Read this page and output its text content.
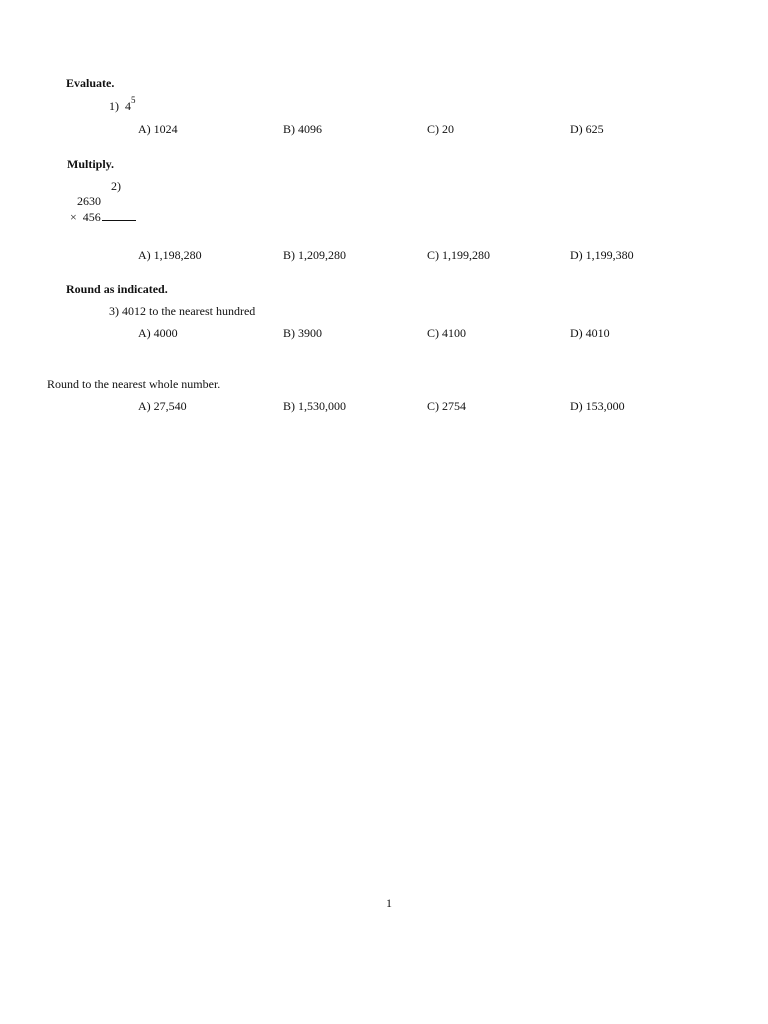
Evaluate.
1) $4^5$
A) 1024	B) 4096	C) 20	D) 625
Multiply.
2)
2630
× 456
A) 1,198,280	B) 1,209,280	C) 1,199,280	D) 1,199,380
Round as indicated.
3) 4012 to the nearest hundred
A) 4000	B) 3900	C) 4100	D) 4010
Round to the nearest whole number.
A) 27,540	B) 1,530,000	C) 2754	D) 153,000
1
